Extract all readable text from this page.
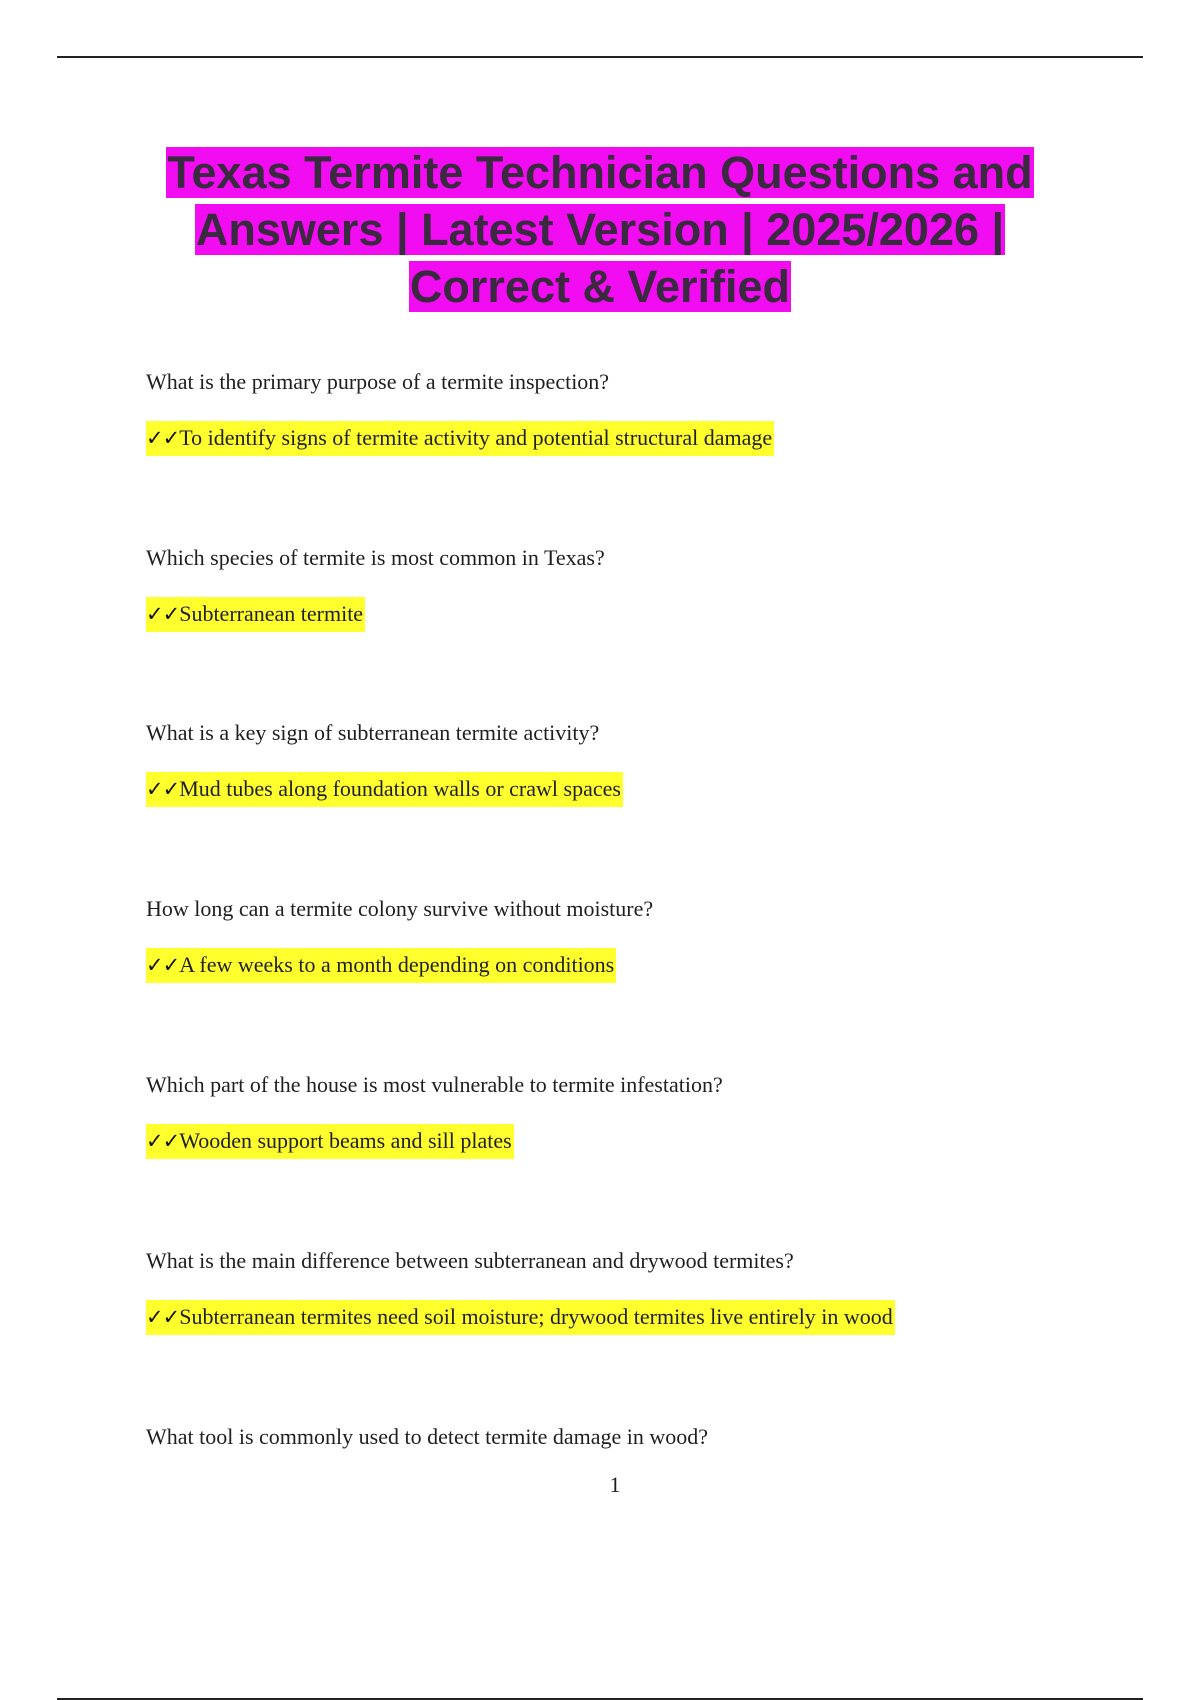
Texas Termite Technician Questions and Answers | Latest Version | 2025/2026 | Correct & Verified
What is the primary purpose of a termite inspection?
✓✓To identify signs of termite activity and potential structural damage
Which species of termite is most common in Texas?
✓✓Subterranean termite
What is a key sign of subterranean termite activity?
✓✓Mud tubes along foundation walls or crawl spaces
How long can a termite colony survive without moisture?
✓✓A few weeks to a month depending on conditions
Which part of the house is most vulnerable to termite infestation?
✓✓Wooden support beams and sill plates
What is the main difference between subterranean and drywood termites?
✓✓Subterranean termites need soil moisture; drywood termites live entirely in wood
What tool is commonly used to detect termite damage in wood?
1
